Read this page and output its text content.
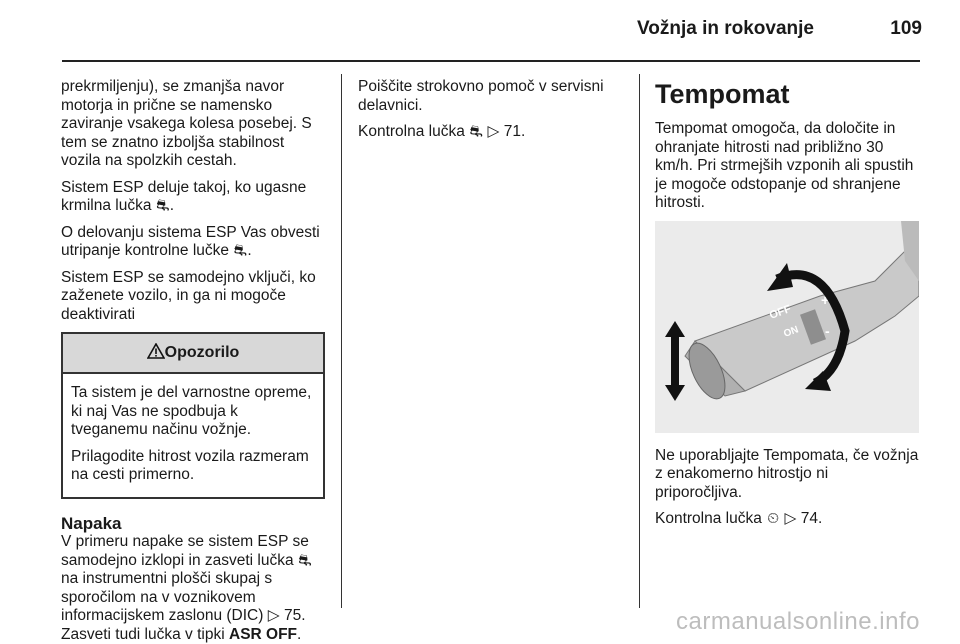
Vožnja in rokovanje	109

prekrmiljenju), se zmanjša navor motorja in prične se namensko zaviranje vsakega kolesa posebej. S tem se znatno izboljša stabilnost vozila na spolzkih cestah.

Sistem ESP deluje takoj, ko ugasne krmilna lučka ⛐.

O delovanju sistema ESP Vas obvesti utripanje kontrolne lučke ⛐.

Sistem ESP se samodejno vključi, ko zaženete vozilo, in ga ni mogoče deaktivirati

Opozorilo

Ta sistem je del varnostne opreme, ki naj Vas ne spodbuja k tveganemu načinu vožnje.

Prilagodite hitrost vozila razmeram na cesti primerno.

Napaka
V primeru napake se sistem ESP se samodejno izklopi in zasveti lučka ⛐ na instrumentni plošči skupaj s sporočilom na v voznikovem informacijskem zaslonu (DIC) ▷ 75. Zasveti tudi lučka v tipki ASR OFF.

Poiščite strokovno pomoč v servisni delavnici.

Kontrolna lučka ⛐ ▷ 71.

Tempomat

Tempomat omogoča, da določite in ohranjate hitrosti nad približno 30 km/h. Pri strmejših vzponih ali spustih je mogoče odstopanje od shranjene hitrosti.

OFF
ON
+
-

Ne uporabljajte Tempomata, če vožnja z enakomerno hitrostjo ni priporočljiva.

Kontrolna lučka ⏲ ▷ 74.

carmanualsonline.info
